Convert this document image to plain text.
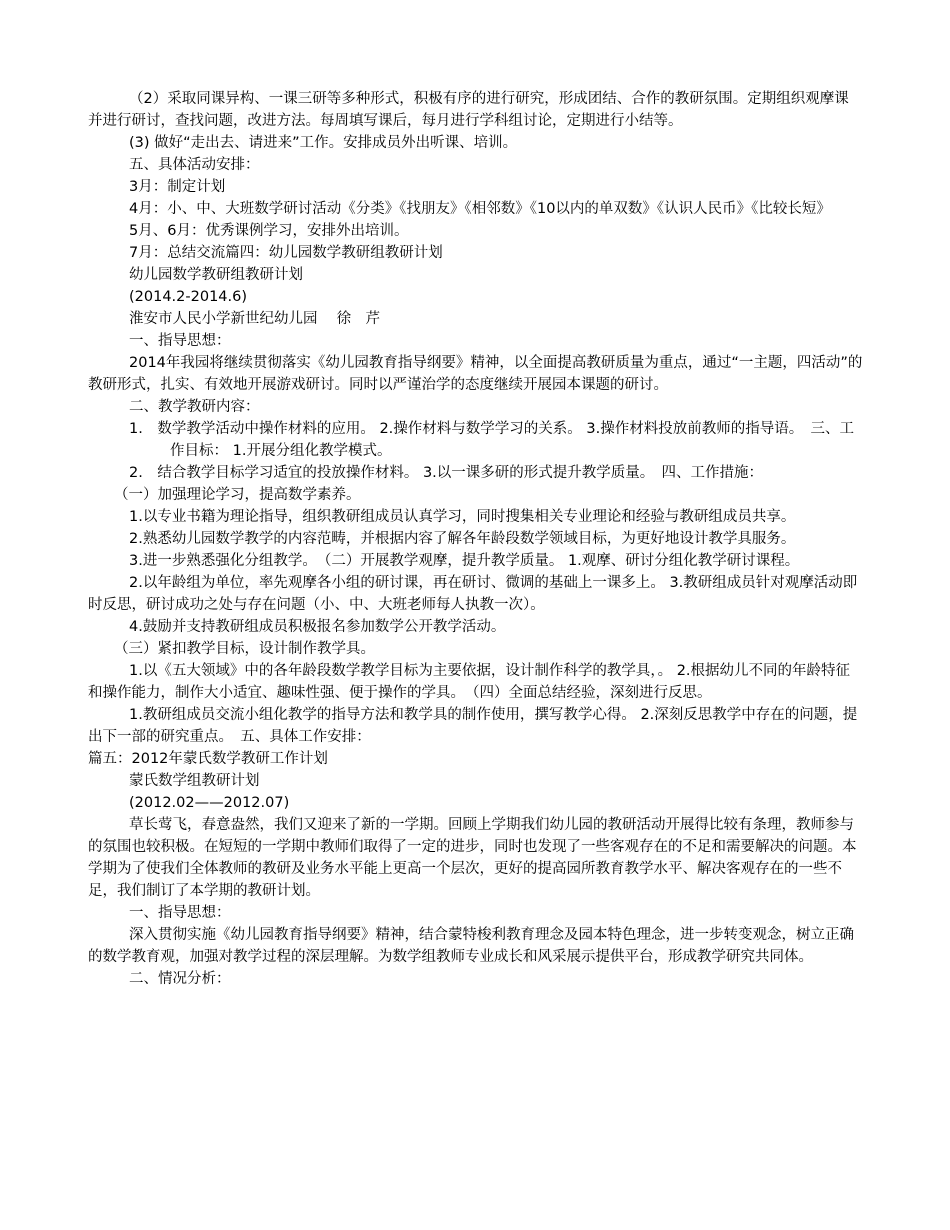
（2）采取同课异构、一课三研等多种形式，积极有序的进行研究，形成团结、合作的教研氛围。定期组织观摩课并进行研讨，查找问题，改进方法。每周填写课后，每月进行学科组讨论，定期进行小结等。

(3) 做好“走出去、请进来”工作。安排成员外出听课、培训。

五、具体活动安排：

3月：制定计划

4月：小、中、大班数学研讨活动《分类》《找朋友》《相邻数》《10以内的单双数》《认识人民币》《比较长短》

5月、6月：优秀课例学习，安排外出培训。

7月：总结交流篇四：幼儿园数学教研组教研计划

幼儿园数学教研组教研计划

(2014.2-2014.6)

淮安市人民小学新世纪幼儿园　 徐　芹

一、指导思想：

2014年我园将继续贯彻落实《幼儿园教育指导纲要》精神，以全面提高教研质量为重点，通过“一主题，四活动”的教研形式，扎实、有效地开展游戏研讨。同时以严谨治学的态度继续开展园本课题的研讨。

二、教学教研内容：

1.　数学教学活动中操作材料的应用。 2.操作材料与数学学习的关系。 3.操作材料投放前教师的指导语。　三、工作目标： 1.开展分组化教学模式。

2.　结合教学目标学习适宜的投放操作材料。 3.以一课多研的形式提升教学质量。　四、工作措施：

（一）加强理论学习，提高数学素养。

1.以专业书籍为理论指导，组织教研组成员认真学习，同时搜集相关专业理论和经验与教研组成员共享。

2.熟悉幼儿园数学教学的内容范畴，并根据内容了解各年龄段数学领域目标，为更好地设计教学具服务。

3.进一步熟悉强化分组教学。　（二）开展教学观摩，提升教学质量。 1.观摩、研讨分组化教学研讨课程。

2.以年龄组为单位，率先观摩各小组的研讨课，再在研讨、微调的基础上一课多上。 3.教研组成员针对观摩活动即时反思，研讨成功之处与存在问题（小、中、大班老师每人执教一次）。

4.鼓励并支持教研组成员积极报名参加数学公开教学活动。

（三）紧扣教学目标，设计制作教学具。

1.以《五大领域》中的各年龄段数学教学目标为主要依据，设计制作科学的教学具，。 2.根据幼儿不同的年龄特征和操作能力，制作大小适宜、趣味性强、便于操作的学具。　（四）全面总结经验，深刻进行反思。

1.教研组成员交流小组化教学的指导方法和教学具的制作使用，撰写教学心得。 2.深刻反思教学中存在的问题，提出下一部的研究重点。　五、具体工作安排：

篇五：2012年蒙氏数学教研工作计划

蒙氏数学组教研计划

(2012.02——2012.07)

草长莺飞，春意盎然，我们又迎来了新的一学期。回顾上学期我们幼儿园的教研活动开展得比较有条理，教师参与的氛围也较积极。在短短的一学期中教师们取得了一定的进步，同时也发现了一些客观存在的不足和需要解决的问题。本学期为了使我们全体教师的教研及业务水平能上更高一个层次，更好的提高园所教育教学水平、解决客观存在的一些不足，我们制订了本学期的教研计划。

一、指导思想：

深入贯彻实施《幼儿园教育指导纲要》精神，结合蒙特梭利教育理念及园本特色理念，进一步转变观念，树立正确的数学教育观，加强对教学过程的深层理解。为数学组教师专业成长和风采展示提供平台，形成教学研究共同体。

二、情况分析：
